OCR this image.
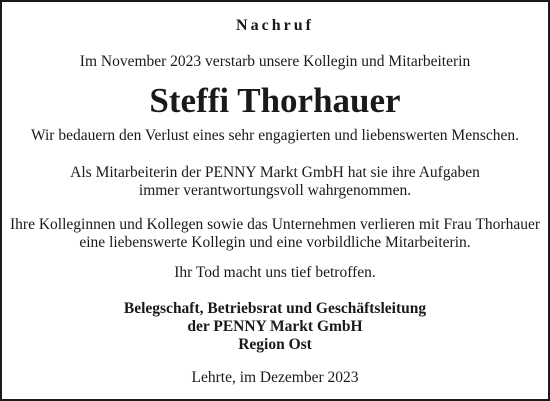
Nachruf
Im November 2023 verstarb unsere Kollegin und Mitarbeiterin
Steffi Thorhauer
Wir bedauern den Verlust eines sehr engagierten und liebenswerten Menschen.
Als Mitarbeiterin der PENNY Markt GmbH hat sie ihre Aufgaben
immer verantwortungsvoll wahrgenommen.
Ihre Kolleginnen und Kollegen sowie das Unternehmen verlieren mit Frau Thorhauer
eine liebenswerte Kollegin und eine vorbildliche Mitarbeiterin.
Ihr Tod macht uns tief betroffen.
Belegschaft, Betriebsrat und Geschäftsleitung
der PENNY Markt GmbH
Region Ost
Lehrte, im Dezember 2023
